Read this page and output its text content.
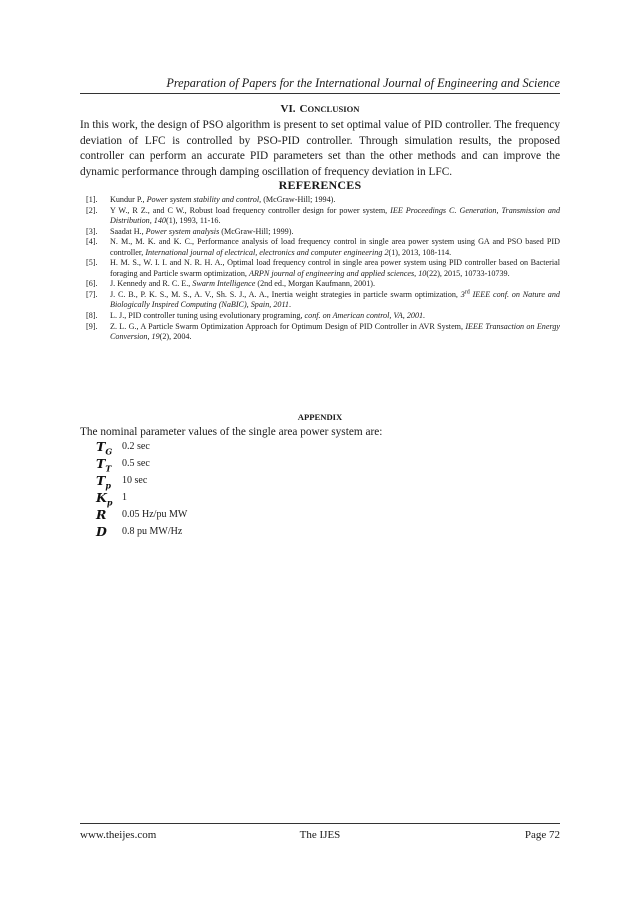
Preparation of Papers for the International Journal of Engineering and Science
VI. CONCLUSION

In this work, the design of PSO algorithm is present to set optimal value of PID controller. The frequency deviation of LFC is controlled by PSO-PID controller. Through simulation results, the proposed controller can perform an accurate PID parameters set than the other methods and can improve the dynamic performance through damping oscillation of frequency deviation in LFC.

REFERENCES
[1]. Kundur P., Power system stability and control, (McGraw-Hill; 1994).
[2]. Y W., R Z., and C W., Robust load frequency controller design for power system, IEE Proceedings C. Generation, Transmission and Distribution, 140(1), 1993, 11-16.
[3]. Saadat H., Power system analysis (McGraw-Hill; 1999).
[4]. N. M., M. K. and K. C., Performance analysis of load frequency control in single area power system using GA and PSO based PID controller, International journal of electrical, electronics and computer engineering 2(1), 2013, 108-114.
[5]. H. M. S., W. I. I. and N. R. H. A., Optimal load frequency control in single area power system using PID controller based on Bacterial foraging and Particle swarm optimization, ARPN journal of engineering and applied sciences, 10(22), 2015, 10733-10739.
[6]. J. Kennedy and R. C. E., Swarm Intelligence (2nd ed., Morgan Kaufmann, 2001).
[7]. J. C. B., P. K. S., M. S., A. V., Sh. S. J., A. A., Inertia weight strategies in particle swarm optimization, 3rd IEEE conf. on Nature and Biologically Inspired Computing (NaBIC), Spain, 2011.
[8]. L. J., PID controller tuning using evolutionary programing, conf. on American control, VA, 2001.
[9]. Z. L. G., A Particle Swarm Optimization Approach for Optimum Design of PID Controller in AVR System, IEEE Transaction on Energy Conversion, 19(2), 2004.
APPENDIX
The nominal parameter values of the single area power system are:
$T_G$ 0.2 sec
$T_T$ 0.5 sec
$T_p$ 10 sec
$K_p$ 1
R 0.05 Hz/pu MW
D 0.8 pu MW/Hz
www.theijes.com	The IJES	Page 72
